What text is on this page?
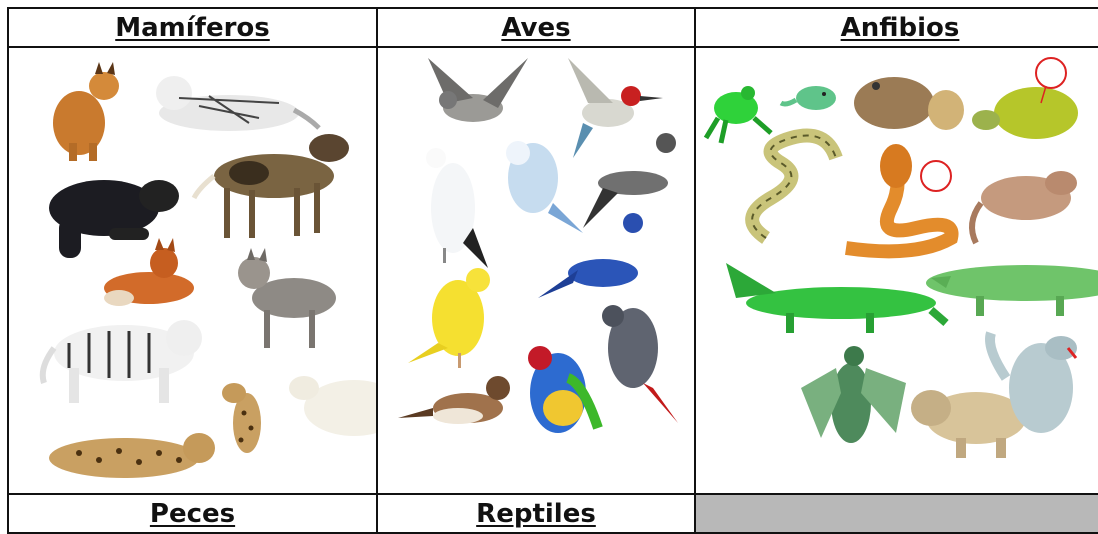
Mamíferos	Aves	Anfibios
Peces	Reptiles
